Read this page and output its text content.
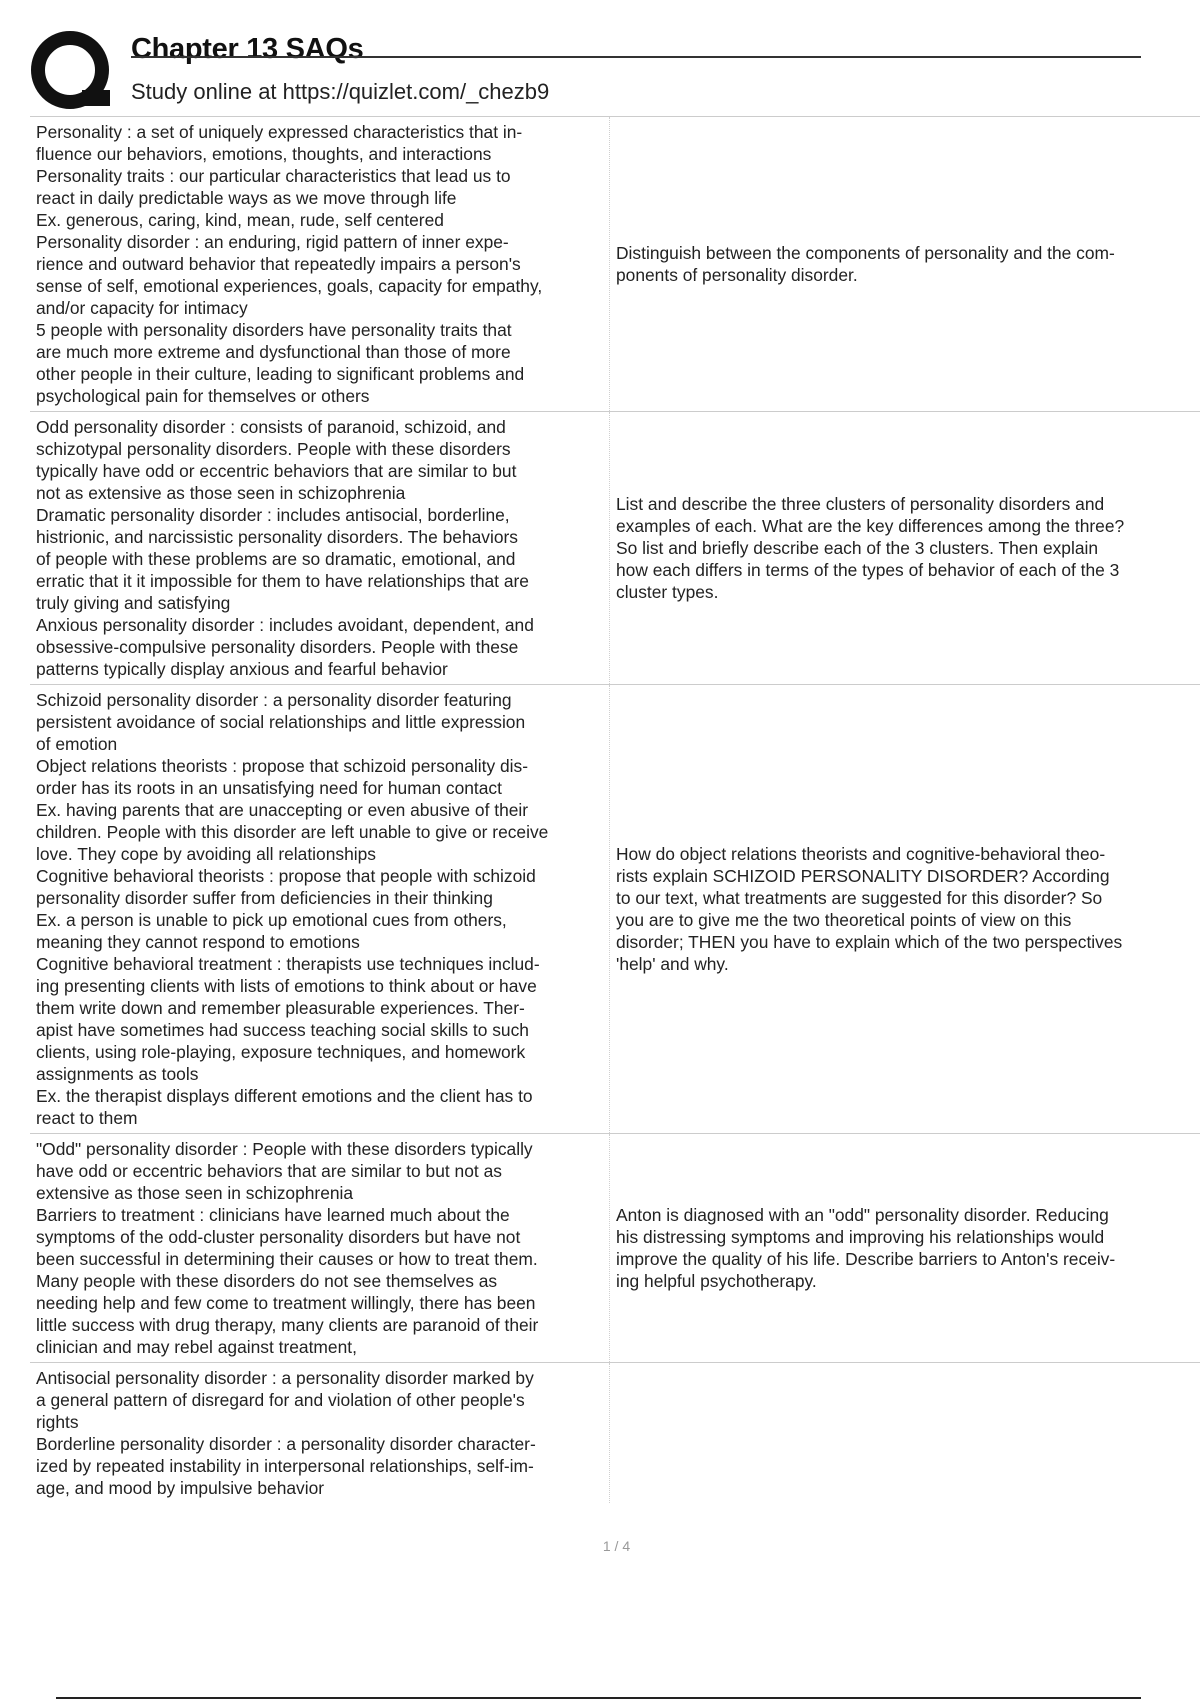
Chapter 13 SAQs
Study online at https://quizlet.com/_chezb9
Personality : a set of uniquely expressed characteristics that in-
fluence our behaviors, emotions, thoughts, and interactions
Personality traits : our particular characteristics that lead us to
react in daily predictable ways as we move through life
Ex. generous, caring, kind, mean, rude, self centered
Personality disorder : an enduring, rigid pattern of inner expe-
rience and outward behavior that repeatedly impairs a person's
sense of self, emotional experiences, goals, capacity for empathy,
and/or capacity for intimacy
5 people with personality disorders have personality traits that
are much more extreme and dysfunctional than those of more
other people in their culture, leading to significant problems and
psychological pain for themselves or others
Distinguish between the components of personality and the com-
ponents of personality disorder.
Odd personality disorder : consists of paranoid, schizoid, and
schizotypal personality disorders. People with these disorders
typically have odd or eccentric behaviors that are similar to but
not as extensive as those seen in schizophrenia
Dramatic personality disorder : includes antisocial, borderline,
histrionic, and narcissistic personality disorders. The behaviors
of people with these problems are so dramatic, emotional, and
erratic that it it impossible for them to have relationships that are
truly giving and satisfying
Anxious personality disorder : includes avoidant, dependent, and
obsessive-compulsive personality disorders. People with these
patterns typically display anxious and fearful behavior
List and describe the three clusters of personality disorders and
examples of each. What are the key differences among the three?
So list and briefly describe each of the 3 clusters. Then explain
how each differs in terms of the types of behavior of each of the 3
cluster types.
Schizoid personality disorder : a personality disorder featuring
persistent avoidance of social relationships and little expression
of emotion
Object relations theorists : propose that schizoid personality dis-
order has its roots in an unsatisfying need for human contact
Ex. having parents that are unaccepting or even abusive of their
children. People with this disorder are left unable to give or receive
love. They cope by avoiding all relationships
Cognitive behavioral theorists : propose that people with schizoid
personality disorder suffer from deficiencies in their thinking
Ex. a person is unable to pick up emotional cues from others,
meaning they cannot respond to emotions
Cognitive behavioral treatment : therapists use techniques includ-
ing presenting clients with lists of emotions to think about or have
them write down and remember pleasurable experiences. Ther-
apist have sometimes had success teaching social skills to such
clients, using role-playing, exposure techniques, and homework
assignments as tools
Ex. the therapist displays different emotions and the client has to
react to them
How do object relations theorists and cognitive-behavioral theo-
rists explain SCHIZOID PERSONALITY DISORDER? According
to our text, what treatments are suggested for this disorder? So
you are to give me the two theoretical points of view on this
disorder; THEN you have to explain which of the two perspectives
'help' and why.
"Odd" personality disorder : People with these disorders typically
have odd or eccentric behaviors that are similar to but not as
extensive as those seen in schizophrenia
Barriers to treatment : clinicians have learned much about the
symptoms of the odd-cluster personality disorders but have not
been successful in determining their causes or how to treat them.
Many people with these disorders do not see themselves as
needing help and few come to treatment willingly, there has been
little success with drug therapy, many clients are paranoid of their
clinician and may rebel against treatment,
Anton is diagnosed with an "odd" personality disorder. Reducing
his distressing symptoms and improving his relationships would
improve the quality of his life. Describe barriers to Anton's receiv-
ing helpful psychotherapy.
Antisocial personality disorder : a personality disorder marked by
a general pattern of disregard for and violation of other people's
rights
Borderline personality disorder : a personality disorder character-
ized by repeated instability in interpersonal relationships, self-im-
age, and mood by impulsive behavior
1 / 4
